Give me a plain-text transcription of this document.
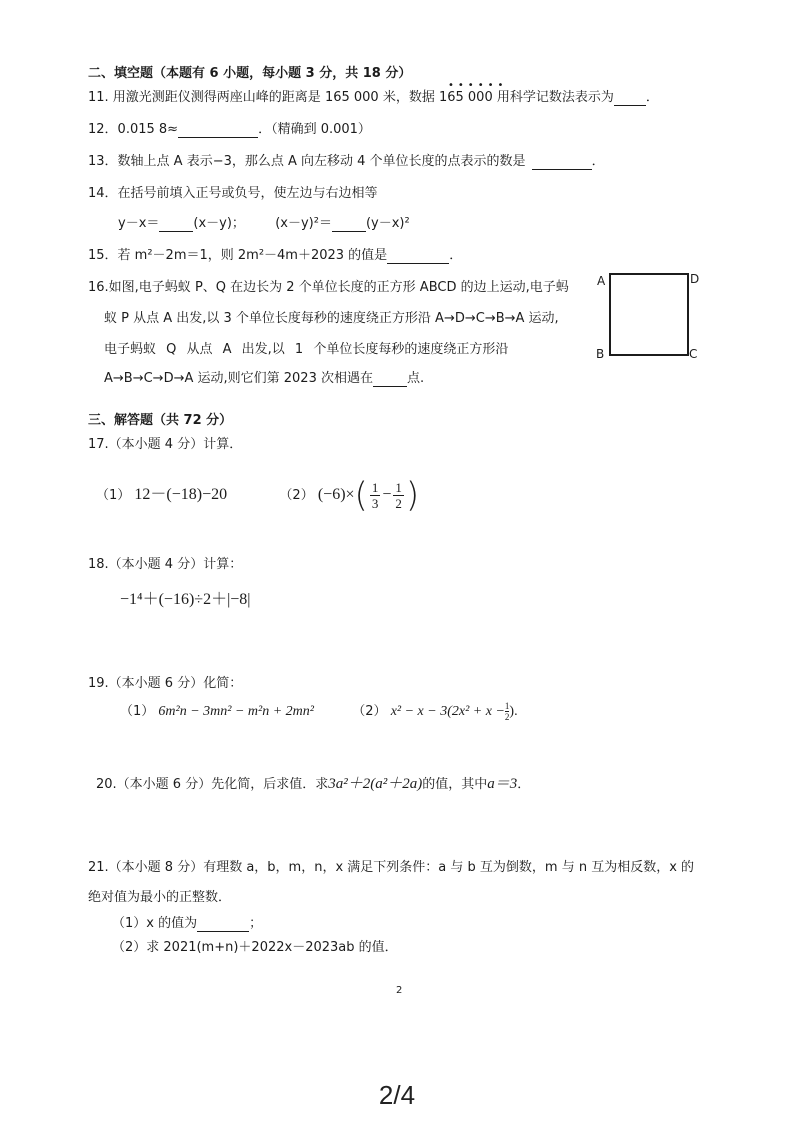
二、填空题（本题有 6 小题，每小题 3 分，共 18 分）
••••••
11. 用激光测距仪测得两座山峰的距离是 165 000 米，数据 165 000 用科学记数法表示为 ．
12．0.015 8≈	．（精确到 0.001）
13．数轴上点 A 表示−3，那么点 A 向左移动 4 个单位长度的点表示的数是	．
14．在括号前填入正号或负号，使左边与右边相等
y－x＝	(x－y)； (x－y)²＝	(y－x)²
15．若 m²－2m＝1，则 2m²－4m＋2023 的值是	．
16.如图,电子蚂蚁 P、Q 在边长为 2 个单位长度的正方形 ABCD 的边上运动,电子蚂
蚁 P 从点 A 出发,以 3 个单位长度每秒的速度绕正方形沿 A→D→C→B→A 运动,
电子蚂蚁 Q 从点 A 出发,以 1 个单位长度每秒的速度绕正方形沿
A→B→C→D→A 运动,则它们第 2023 次相遇在	点.
A	D
B	C
三、解答题（共 72 分）
17.（本小题 4 分）计算．
（1） 12－(−18)−20	（2） $(-6)\times( \frac{1}{3} - \frac{1}{2}$ )
18.（本小题 4 分）计算：
−1⁴＋(−16)÷2＋|−8|
19.（本小题 6 分）化简：
（1） 6m²n − 3mn² − m²n + 2mn²	（2） $x^2 - x - 3(2x^2 + x - \frac{1}{2}$ ).
20.（本小题 6 分）先化简，后求值．求3a²＋2(a²＋2a)的值，其中a＝3．
21.（本小题 8 分）有理数 a，b，m，n，x 满足下列条件：a 与 b 互为倒数，m 与 n 互为相反数，x 的
绝对值为最小的正整数．
（1）x 的值为	；
（2）求 2021(m+n)＋2022x－2023ab 的值．
2
2/4
